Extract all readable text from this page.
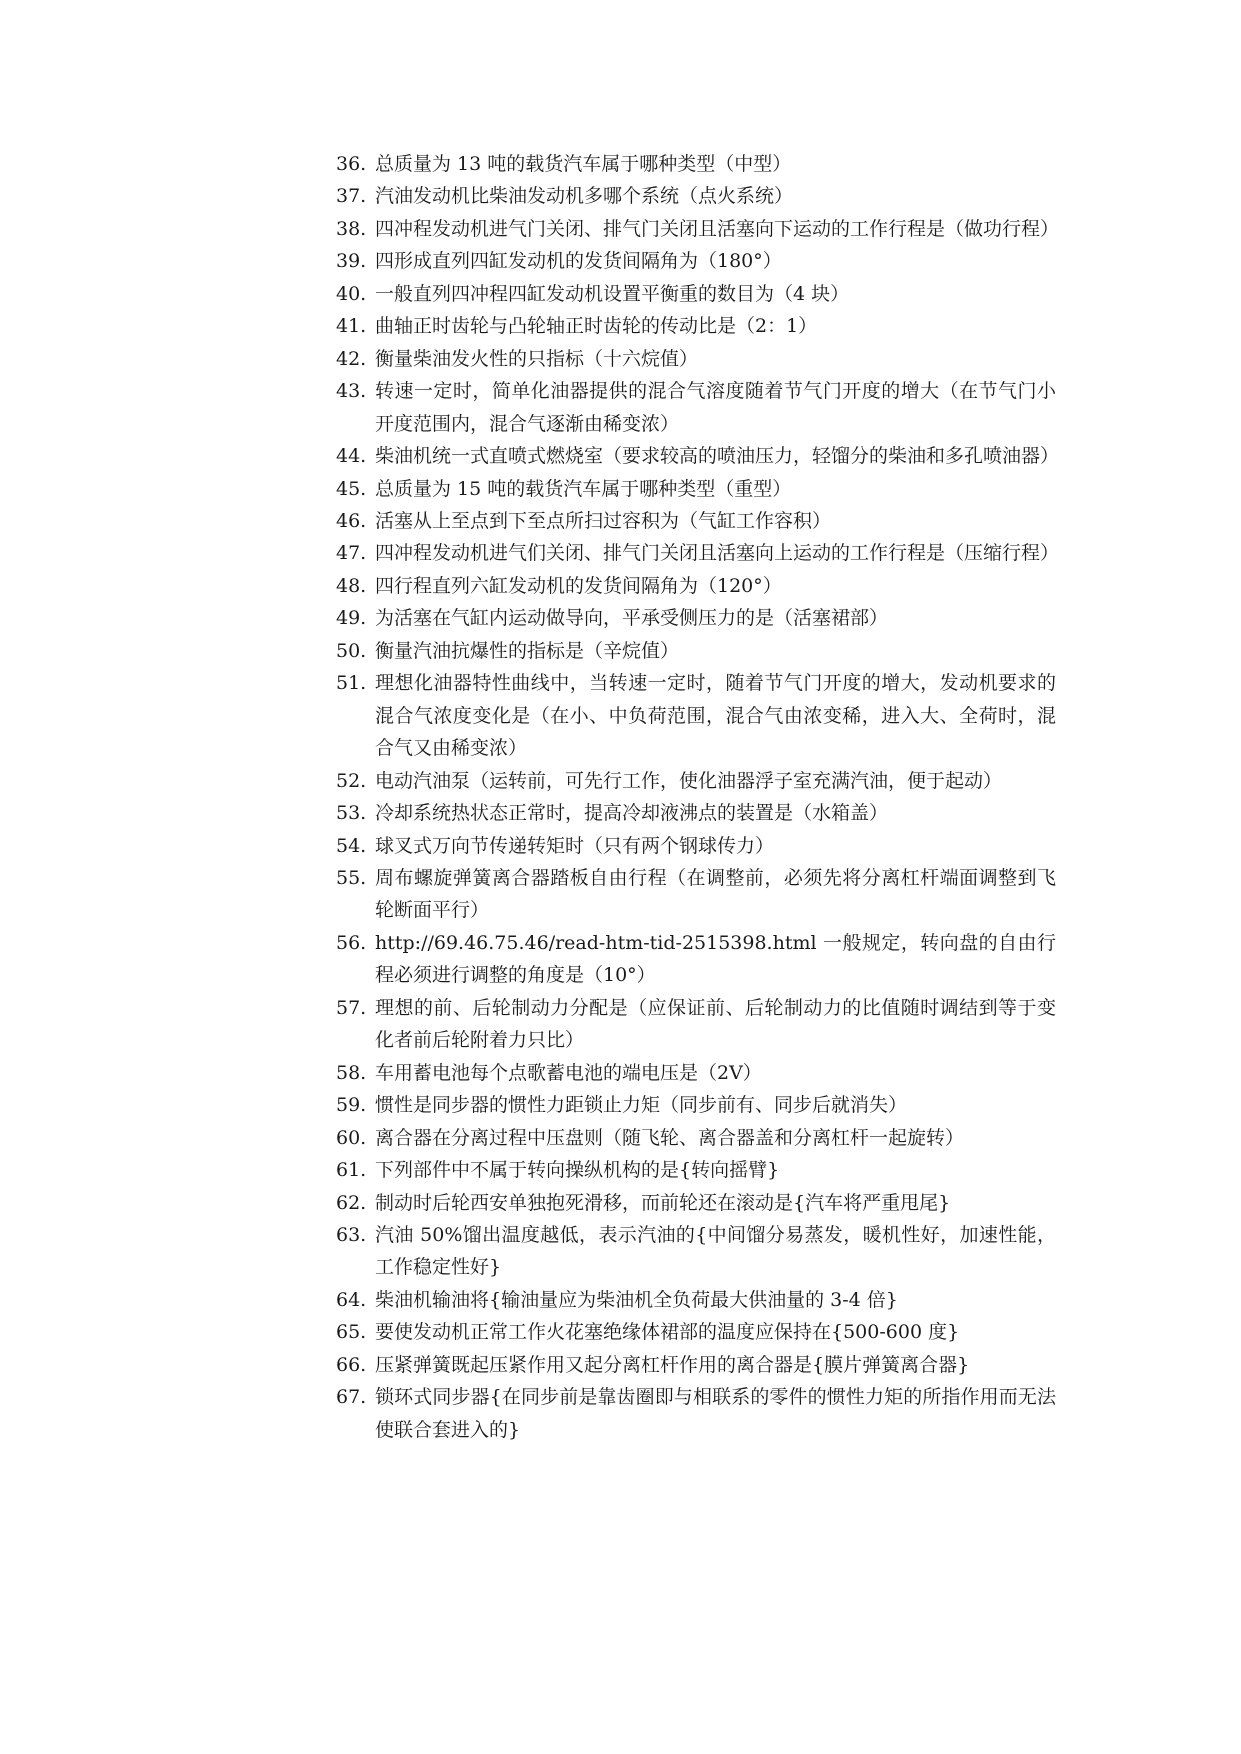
36. 总质量为 13 吨的载货汽车属于哪种类型（中型）
37. 汽油发动机比柴油发动机多哪个系统（点火系统）
38. 四冲程发动机进气门关闭、排气门关闭且活塞向下运动的工作行程是（做功行程）
39. 四形成直列四缸发动机的发货间隔角为（180°）
40. 一般直列四冲程四缸发动机设置平衡重的数目为（4 块）
41. 曲轴正时齿轮与凸轮轴正时齿轮的传动比是（2：1）
42. 衡量柴油发火性的只指标（十六烷值）
43. 转速一定时，简单化油器提供的混合气溶度随着节气门开度的增大（在节气门小开度范围内，混合气逐渐由稀变浓）
44. 柴油机统一式直喷式燃烧室（要求较高的喷油压力，轻馏分的柴油和多孔喷油器）
45. 总质量为 15 吨的载货汽车属于哪种类型（重型）
46. 活塞从上至点到下至点所扫过容积为（气缸工作容积）
47. 四冲程发动机进气们关闭、排气门关闭且活塞向上运动的工作行程是（压缩行程）
48. 四行程直列六缸发动机的发货间隔角为（120°）
49. 为活塞在气缸内运动做导向，平承受侧压力的是（活塞裙部）
50. 衡量汽油抗爆性的指标是（辛烷值）
51. 理想化油器特性曲线中，当转速一定时，随着节气门开度的增大，发动机要求的混合气浓度变化是（在小、中负荷范围，混合气由浓变稀，进入大、全荷时，混合气又由稀变浓）
52. 电动汽油泵（运转前，可先行工作，使化油器浮子室充满汽油，便于起动）
53. 冷却系统热状态正常时，提高冷却液沸点的装置是（水箱盖）
54. 球叉式万向节传递转矩时（只有两个钢球传力）
55. 周布螺旋弹簧离合器踏板自由行程（在调整前，必须先将分离杠杆端面调整到飞轮断面平行）
56. http://69.46.75.46/read-htm-tid-2515398.html 一般规定，转向盘的自由行程必须进行调整的角度是（10°）
57. 理想的前、后轮制动力分配是（应保证前、后轮制动力的比值随时调结到等于变化者前后轮附着力只比）
58. 车用蓄电池每个点歌蓄电池的端电压是（2V）
59. 惯性是同步器的惯性力距锁止力矩（同步前有、同步后就消失）
60. 离合器在分离过程中压盘则（随飞轮、离合器盖和分离杠杆一起旋转）
61. 下列部件中不属于转向操纵机构的是{转向摇臂}
62. 制动时后轮西安单独抱死滑移，而前轮还在滚动是{汽车将严重甩尾}
63. 汽油 50%馏出温度越低，表示汽油的{中间馏分易蒸发，暖机性好，加速性能，工作稳定性好}
64. 柴油机输油将{输油量应为柴油机全负荷最大供油量的 3-4 倍}
65. 要使发动机正常工作火花塞绝缘体裙部的温度应保持在{500-600 度}
66. 压紧弹簧既起压紧作用又起分离杠杆作用的离合器是{膜片弹簧离合器}
67. 锁环式同步器{在同步前是靠齿圈即与相联系的零件的惯性力矩的所指作用而无法使联合套进入的}
